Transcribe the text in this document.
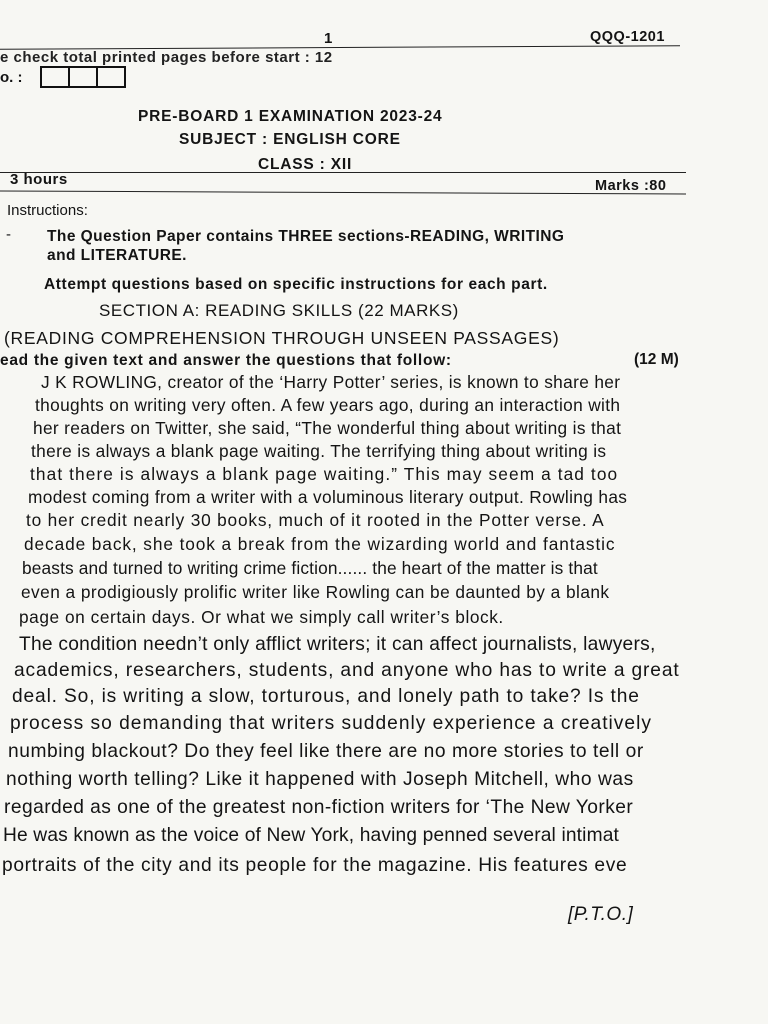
1	QQQ-1201
e check total printed pages before start : 12
o. :
PRE-BOARD 1 EXAMINATION 2023-24
SUBJECT : ENGLISH CORE
CLASS : XII
3 hours	Marks :80
Instructions:
- The Question Paper contains THREE sections-READING, WRITING
and LITERATURE.
Attempt questions based on specific instructions for each part.
SECTION A: READING SKILLS (22 MARKS)
(READING COMPREHENSION THROUGH UNSEEN PASSAGES)
ead the given text and answer the questions that follow:	(12 M)
J K ROWLING, creator of the ‘Harry Potter’ series, is known to share her
thoughts on writing very often. A few years ago, during an interaction with
her readers on Twitter, she said, “The wonderful thing about writing is that
there is always a blank page waiting. The terrifying thing about writing is
that there is always a blank page waiting.” This may seem a tad too
modest coming from a writer with a voluminous literary output. Rowling has
to her credit nearly 30 books, much of it rooted in the Potter verse. A
decade back, she took a break from the wizarding world and fantastic
beasts and turned to writing crime fiction...... the heart of the matter is that
even a prodigiously prolific writer like Rowling can be daunted by a blank
page on certain days. Or what we simply call writer’s block.
The condition needn’t only afflict writers; it can affect journalists, lawyers,
academics, researchers, students, and anyone who has to write a great
deal. So, is writing a slow, torturous, and lonely path to take? Is the
process so demanding that writers suddenly experience a creatively
numbing blackout? Do they feel like there are no more stories to tell or
nothing worth telling? Like it happened with Joseph Mitchell, who was
regarded as one of the greatest non-fiction writers for ‘The New Yorker
He was known as the voice of New York, having penned several intimat
portraits of the city and its people for the magazine. His features eve
[P.T.O.]
